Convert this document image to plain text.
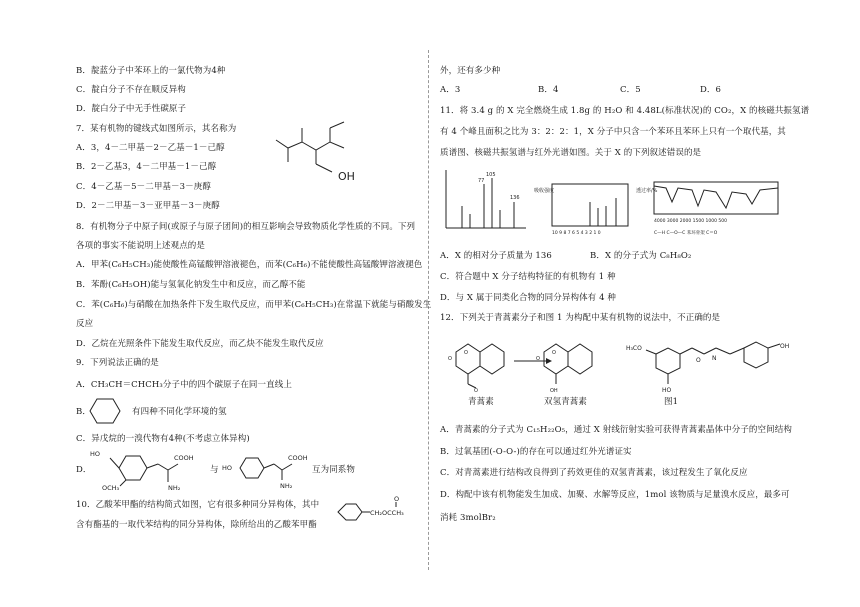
B．靛蓝分子中苯环上的一氯代物为4种
C．靛白分子不存在顺反异构
D．靛白分子中无手性碳原子
7．某有机物的键线式如图所示，其名称为
A．3，4－二甲基－2－乙基－1－己醇
B．2－乙基3，4－二甲基－1－己醇
C．4－乙基－5－二甲基－3－庚醇
D．2－二甲基－3－亚甲基－3－庚醇
OH
8．有机物分子中原子间(或原子与原子团间)的相互影响会导致物质化学性质的不同。下列
各项的事实不能说明上述观点的是
A．甲苯(C₆H₅CH₃)能使酸性高锰酸钾溶液褪色，而苯(C₆H₆)不能使酸性高锰酸钾溶液褪色
B．苯酚(C₆H₅OH)能与氢氧化钠发生中和反应，而乙醇不能
C．苯(C₆H₆)与硝酸在加热条件下发生取代反应，而甲苯(C₆H₅CH₃)在常温下就能与硝酸发生
反应
D．乙烷在光照条件下能发生取代反应，而乙炔不能发生取代反应
9．下列说法正确的是
A．CH₃CH＝CHCH₃分子中的四个碳原子在同一直线上
B．	有四种不同化学环境的氢
C．异戊烷的一溴代物有4种(不考虑立体异构)
D．
HO	COOH
NH₂
OCH₃
与 HO
COOH
NH₂
互为同系物
10．乙酸苯甲酯的结构简式如图，它有很多种同分异构体，其中
含有酯基的一取代苯结构的同分异构体，除所给出的乙酸苯甲酯
O
CH₂OCCH₃
外，还有多少种
A．3	B．4	C．5	D．6
11．将 3.4 g 的 X 完全燃烧生成 1.8g 的 H₂O 和 4.48L(标准状况)的 CO₂，X 的核磁共振氢谱
有 4 个峰且面积之比为 3：2：2：1，X 分子中只含一个苯环且苯环上只有一个取代基，其
质谱图、核磁共振氢谱与红外光谱如图。关于 X 的下列叙述错误的是
105
136
77
吸收强度
10 9 8 7 6 5 4 3 2 1 0
透过率/%
4000 3000 2000 1500 1000 500
C—H C—O—C 苯环骨架 C＝O
A．X 的相对分子质量为 136	B．X 的分子式为 C₈H₈O₂
C．符合题中 X 分子结构特征的有机物有 1 种
D．与 X 属于同类化合物的同分异构体有 4 种
12．下列关于青蒿素分子和图 1 为构配中某有机物的说法中，不正确的是
O
O
O
青蒿素
O
O
OH
双氢青蒿素
H₃CO
HO
O N
OH
图1
A．青蒿素的分子式为 C₁₅H₂₂O₅，通过 X 射线衍射实验可获得青蒿素晶体中分子的空间结构
B．过氧基团(-O-O-)的存在可以通过红外光谱证实
C．对青蒿素进行结构改良得到了药效更佳的双氢青蒿素，该过程发生了氧化反应
D．构配中该有机物能发生加成、加聚、水解等反应，1mol 该物质与足量溴水反应，最多可
消耗 3molBr₂
